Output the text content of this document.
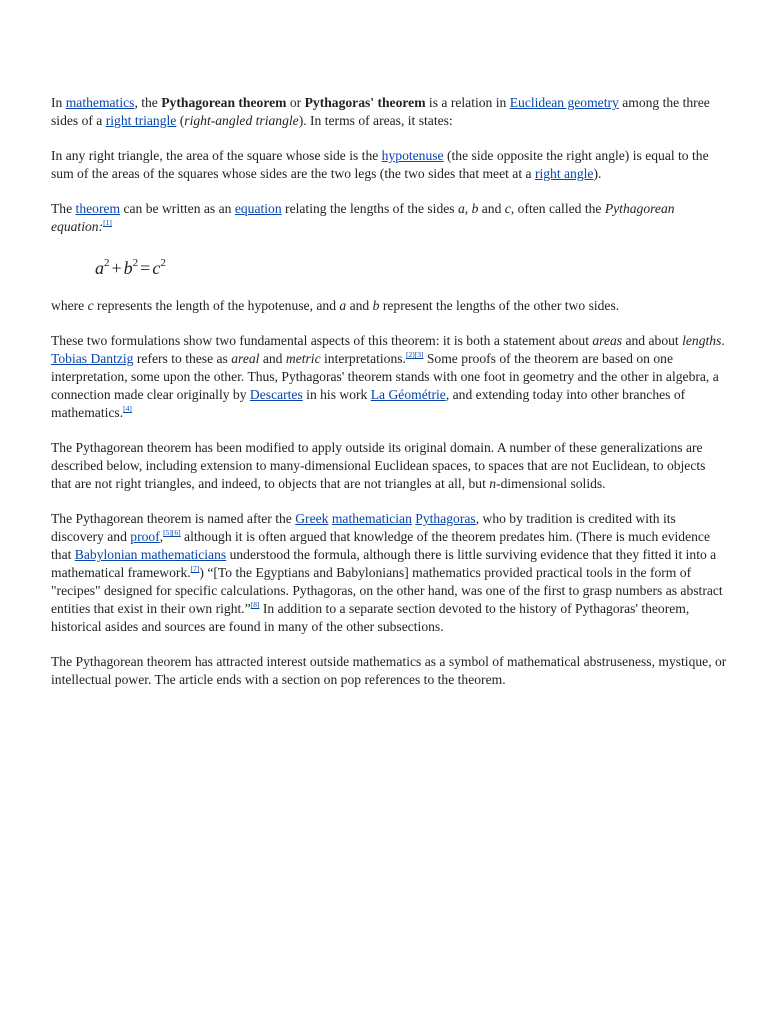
In mathematics, the Pythagorean theorem or Pythagoras' theorem is a relation in Euclidean geometry among the three sides of a right triangle (right-angled triangle). In terms of areas, it states:

In any right triangle, the area of the square whose side is the hypotenuse (the side opposite the right angle) is equal to the sum of the areas of the squares whose sides are the two legs (the two sides that meet at a right angle).

The theorem can be written as an equation relating the lengths of the sides a, b and c, often called the Pythagorean equation:[1]

$a^2 + b^2 = c^2$

where c represents the length of the hypotenuse, and a and b represent the lengths of the other two sides.

These two formulations show two fundamental aspects of this theorem: it is both a statement about areas and about lengths. Tobias Dantzig refers to these as areal and metric interpretations.[2][3] Some proofs of the theorem are based on one interpretation, some upon the other. Thus, Pythagoras' theorem stands with one foot in geometry and the other in algebra, a connection made clear originally by Descartes in his work La Géométrie, and extending today into other branches of mathematics.[4]

The Pythagorean theorem has been modified to apply outside its original domain. A number of these generalizations are described below, including extension to many-dimensional Euclidean spaces, to spaces that are not Euclidean, to objects that are not right triangles, and indeed, to objects that are not triangles at all, but n-dimensional solids.

The Pythagorean theorem is named after the Greek mathematician Pythagoras, who by tradition is credited with its discovery and proof,[5][6] although it is often argued that knowledge of the theorem predates him. (There is much evidence that Babylonian mathematicians understood the formula, although there is little surviving evidence that they fitted it into a mathematical framework.[7]) “[To the Egyptians and Babylonians] mathematics provided practical tools in the form of "recipes" designed for specific calculations. Pythagoras, on the other hand, was one of the first to grasp numbers as abstract entities that exist in their own right.”[8] In addition to a separate section devoted to the history of Pythagoras' theorem, historical asides and sources are found in many of the other subsections.

The Pythagorean theorem has attracted interest outside mathematics as a symbol of mathematical abstruseness, mystique, or intellectual power. The article ends with a section on pop references to the theorem.
